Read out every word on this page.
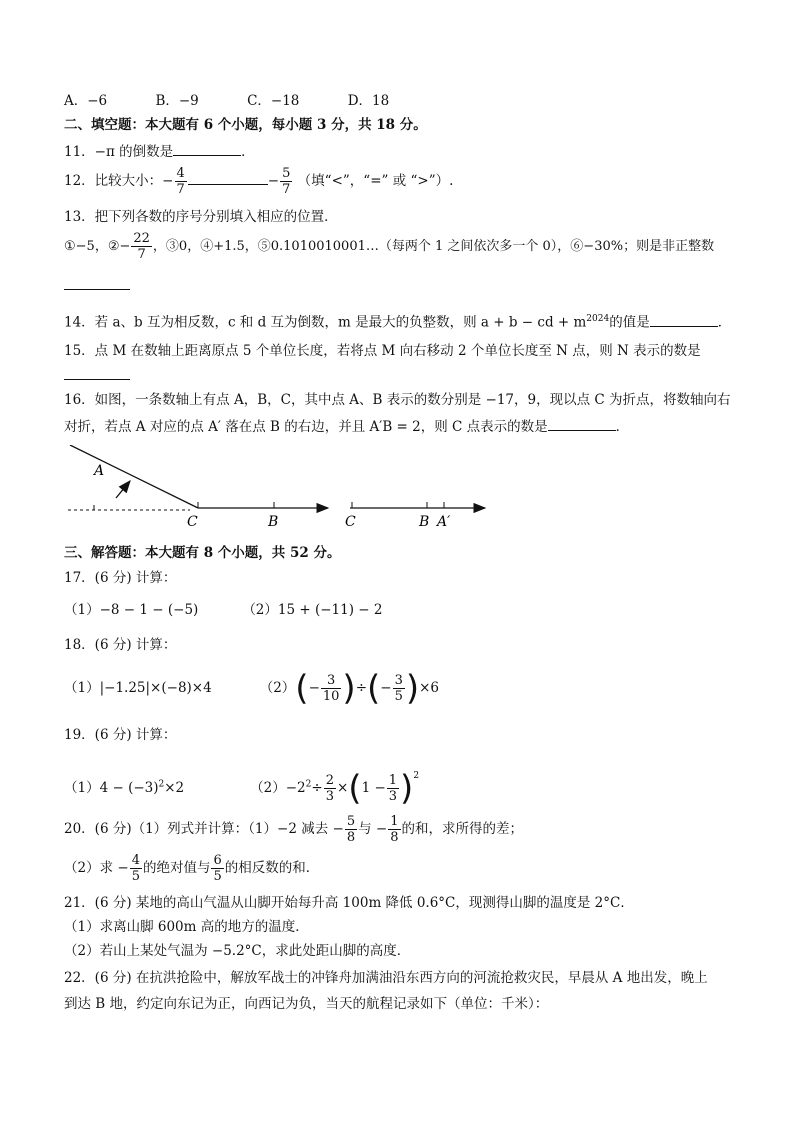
A．−6	B．−9	C．−18	D．18
二、填空题：本大题有 6 个小题，每小题 3 分，共 18 分。
11．−π 的倒数是	．
12．比较大小：− $\frac{4}{7}$	− $\frac{5}{7}$ （填“<”，“=” 或 “>”）.
13．把下列各数的序号分别填入相应的位置．
①−5，②− $\frac{22}{7}$ ，③0，④+1.5，⑤0.1010010001…（每两个 1 之间依次多一个 0），⑥−30%；则是非正整数
14．若 a、b 互为相反数，c 和 d 互为倒数，m 是最大的负整数，则 a + b − cd + $m^{2024}$的值是	．
15．点 M 在数轴上距离原点 5 个单位长度，若将点 M 向右移动 2 个单位长度至 N 点，则 N 表示的数是
16．如图，一条数轴上有点 A，B，C，其中点 A、B 表示的数分别是 −17，9，现以点 C 为折点，将数轴向右
对折，若点 A 对应的点 A′ 落在点 B 的右边，并且 A′B = 2，则 C 点表示的数是	．
A
C	B	C	B A′
三、解答题：本大题有 8 个小题，共 52 分。
17．(6 分) 计算：
（1）−8 − 1 − (−5)	（2）15 + (−11) − 2
18．(6 分) 计算：
（1）|−1.25|×(−8)×4	$(2)(- \frac{3}{10}$ )÷(− $\frac{3}{5} )\times 6$
19．(6 分) 计算：
$(1)4 - (-3)^2\times 2$	$(2)-2^2\div \frac{2}{3} \times(1 - \frac{1}{3} )^2$
20．(6 分)（1）列式并计算：（1）−2 减去 − $\frac{5}{8}$ 与 − $\frac{1}{8}$ 的和，求所得的差；
（2）求 − $\frac{4}{5}$ 的绝对值与 $\frac{6}{5}$ 的相反数的和．
21．(6 分) 某地的高山气温从山脚开始每升高 100m 降低 0.6°C，现测得山脚的温度是 2°C．
（1）求离山脚 600m 高的地方的温度．
（2）若山上某处气温为 −5.2°C，求此处距山脚的高度．
22．(6 分) 在抗洪抢险中，解放军战士的冲锋舟加满油沿东西方向的河流抢救灾民，早晨从 A 地出发，晚上
到达 B 地，约定向东记为正，向西记为负，当天的航程记录如下（单位：千米）：
